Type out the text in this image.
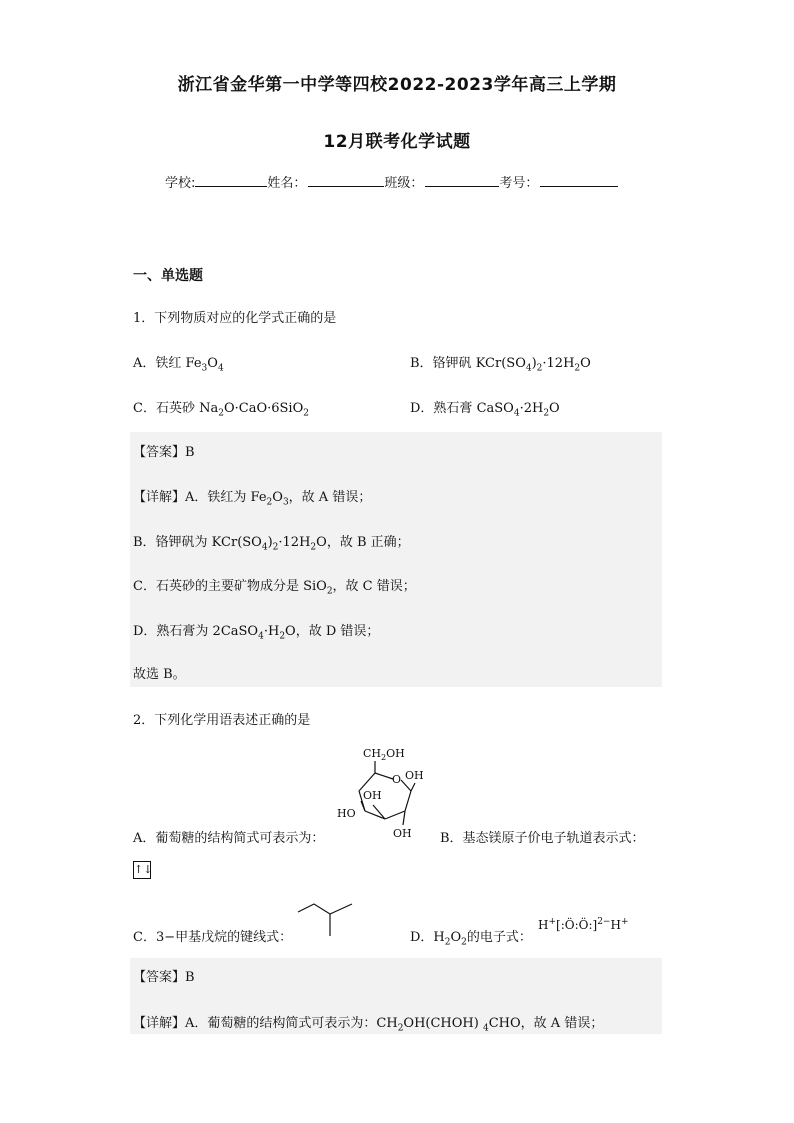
浙江省金华第一中学等四校2022-2023学年高三上学期
12月联考化学试题
学校:	姓名：	班级：	考号：
一、单选题
1．下列物质对应的化学式正确的是
A．铁红 $Fe_3O_4$	B．铬钾矾 $KCr(SO_4)_2\cdot 12H_2O$
C．石英砂 $Na_2O\cdot CaO\cdot 6SiO_2$	D．熟石膏 $CaSO_4\cdot 2H_2O$
【答案】B
【详解】A．铁红为 $Fe_2O_3$，故 A 错误；
B．铬钾矾为 $KCr(SO_4)_2\cdot 12H_2O$，故 B 正确；
C．石英砂的主要矿物成分是 SiO$_2$，故 C 错误；
D．熟石膏为 $2CaSO_4\cdot H_2O$，故 D 错误；
故选 B。
2．下列化学用语表述正确的是
$CH_2OH$
O OH
HO
OH
OH
A．葡萄糖的结构简式可表示为：	B．基态镁原子价电子轨道表示式：
↑↓
C．3−甲基戊烷的键线式：	D．$H_2O_2$的电子式：
H+[:Ö:Ö:]$^{2-}$H+
【答案】B
【详解】A．葡萄糖的结构简式可表示为：$CH_2OH(CHOH)$ $_4$CHO，故 A 错误；
